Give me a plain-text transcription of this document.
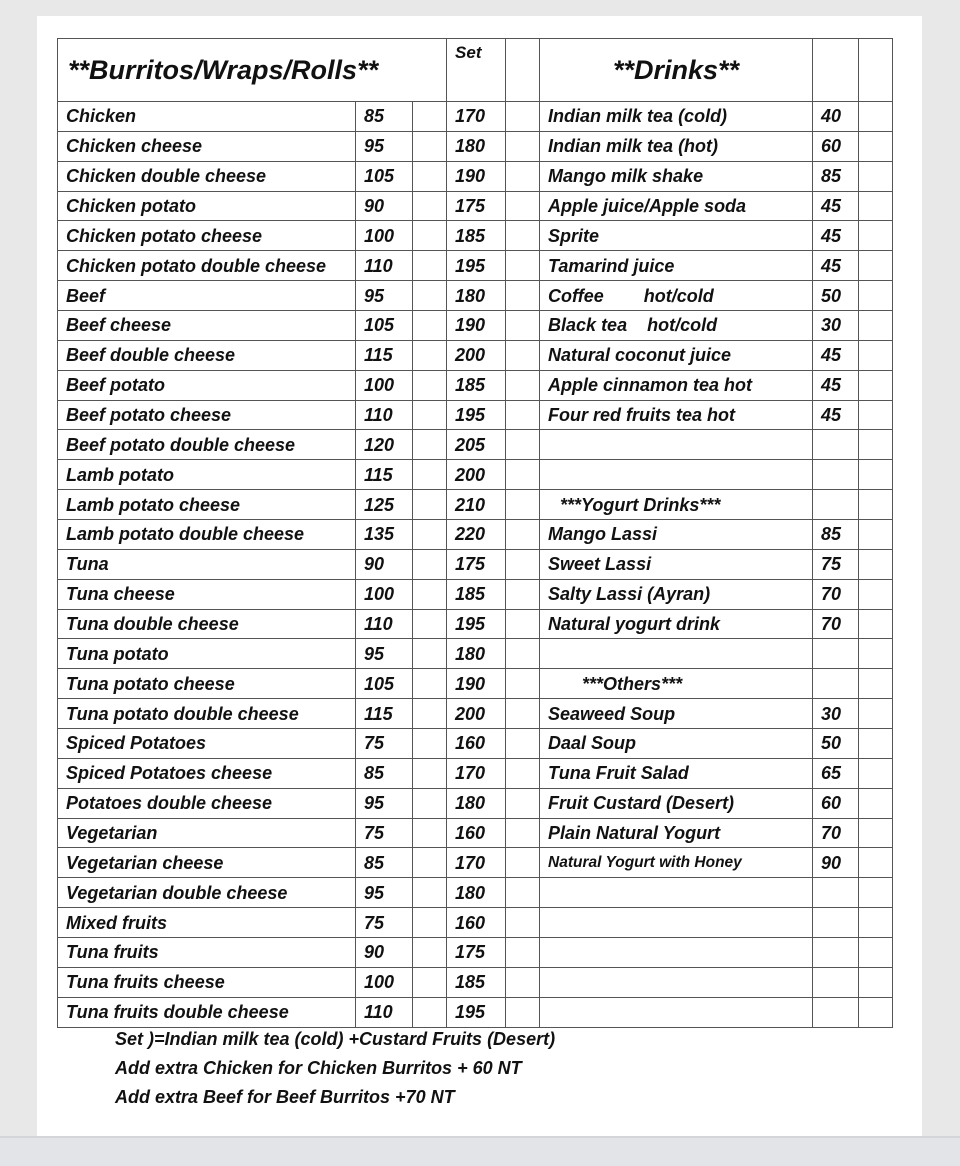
**Burritos/Wraps/Rolls**			Set		**Drinks**		
Chicken	85		170		Indian milk tea (cold)	40	
Chicken cheese	95		180		Indian milk tea (hot)	60	
Chicken double cheese	105		190		Mango milk shake	85	
Chicken potato	90		175		Apple juice/Apple soda	45	
Chicken potato cheese	100		185		Sprite	45	
Chicken potato double cheese	110		195		Tamarind juice	45	
Beef	95		180		Coffee        hot/cold	50	
Beef cheese	105		190		Black tea    hot/cold	30	
Beef double cheese	115		200		Natural coconut juice	45	
Beef potato	100		185		Apple cinnamon tea hot	45	
Beef potato cheese	110		195		Four red fruits tea hot	45	
Beef potato double cheese	120		205				
Lamb potato	115		200				
Lamb potato cheese	125		210		***Yogurt Drinks***		
Lamb potato double cheese	135		220		Mango Lassi	85	
Tuna	90		175		Sweet Lassi	75	
Tuna cheese	100		185		Salty Lassi (Ayran)	70	
Tuna double cheese	110		195		Natural yogurt drink	70	
Tuna potato	95		180				
Tuna potato cheese	105		190		***Others***		
Tuna potato double cheese	115		200		Seaweed Soup	30	
Spiced Potatoes	75		160		Daal Soup	50	
Spiced Potatoes cheese	85		170		Tuna Fruit Salad	65	
Potatoes double cheese	95		180		Fruit Custard (Desert)	60	
Vegetarian	75		160		Plain Natural Yogurt	70	
Vegetarian cheese	85		170		Natural Yogurt with Honey	90	
Vegetarian double cheese	95		180				
Mixed fruits	75		160				
Tuna fruits	90		175				
Tuna fruits cheese	100		185				
Tuna fruits double cheese	110		195				
Set )=Indian milk tea (cold) +Custard Fruits (Desert)
Add extra Chicken for Chicken Burritos + 60 NT
Add extra Beef for Beef Burritos +70 NT
